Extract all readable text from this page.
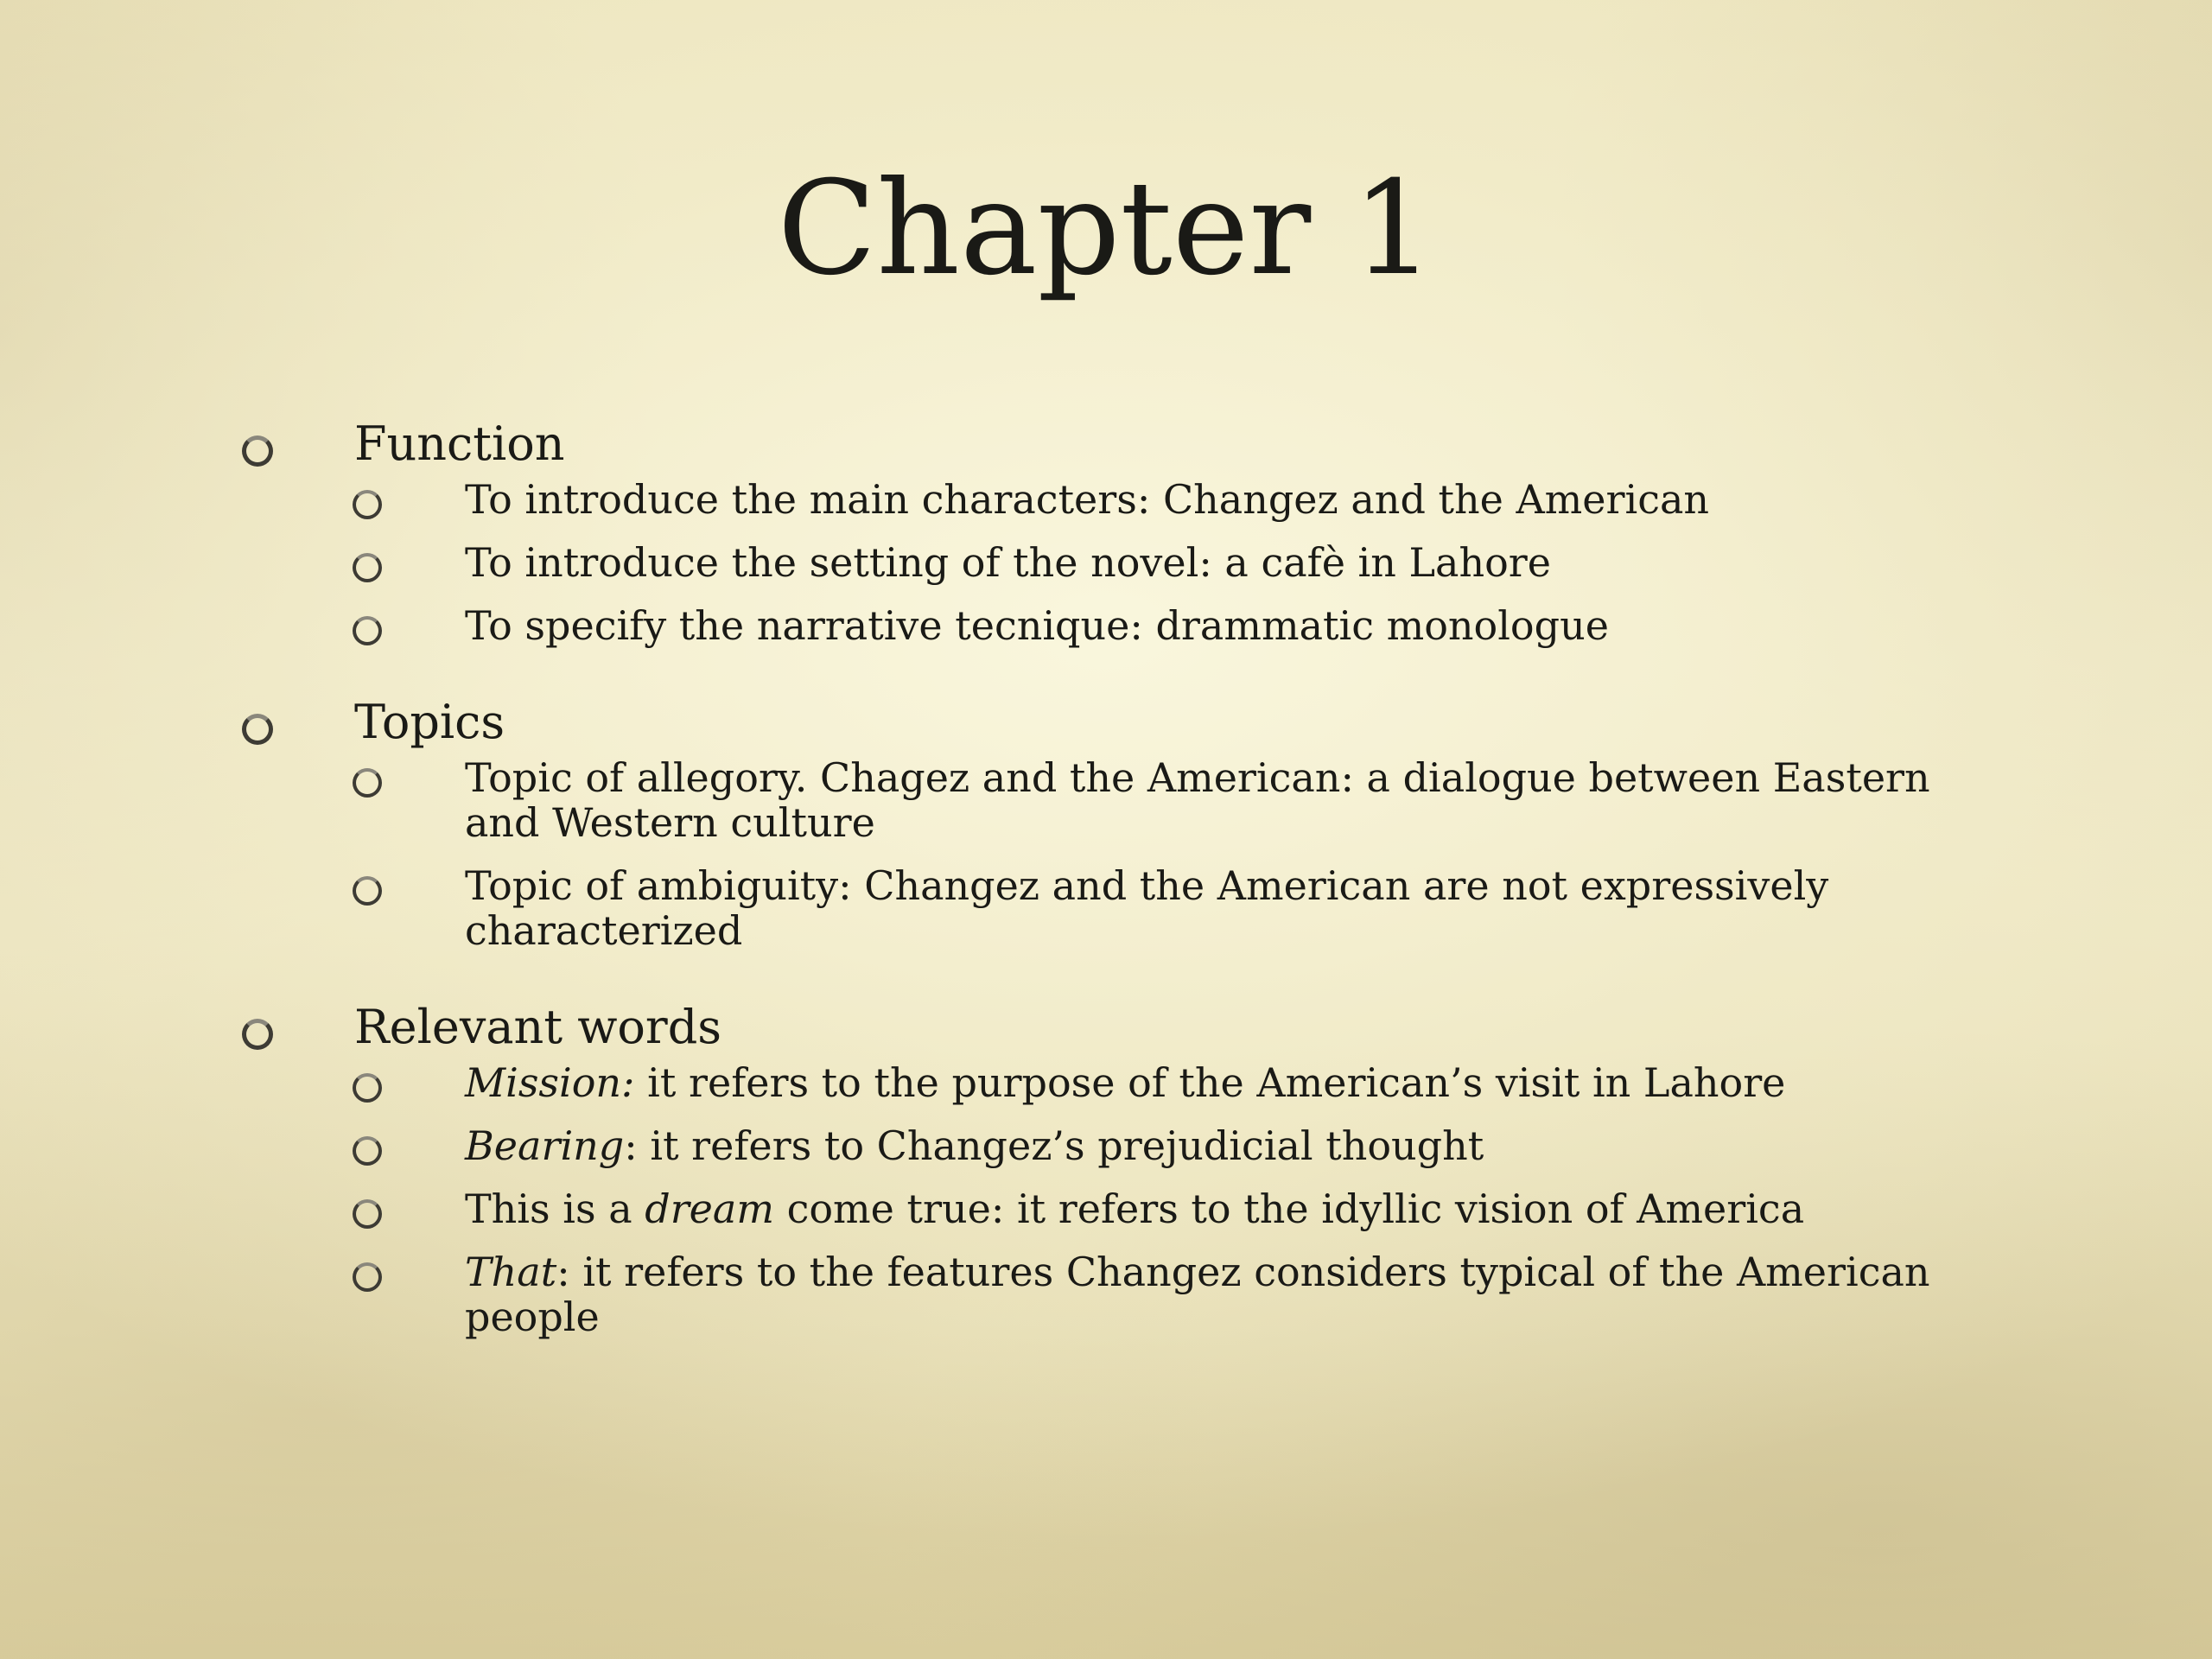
Chapter 1
Function
To introduce the main characters: Changez and the American
To introduce the setting of the novel: a cafè in Lahore
To specify the narrative tecnique: drammatic monologue
Topics
Topic of allegory. Chagez and the American: a dialogue between Eastern and Western culture
Topic of ambiguity: Changez and the American are not expressively characterized
Relevant words
Mission: it refers to the purpose of the American’s visit in Lahore
Bearing: it refers to Changez’s prejudicial thought
This is a dream come true: it refers to the idyllic vision of America
That: it refers to the features Changez considers typical of the American people
